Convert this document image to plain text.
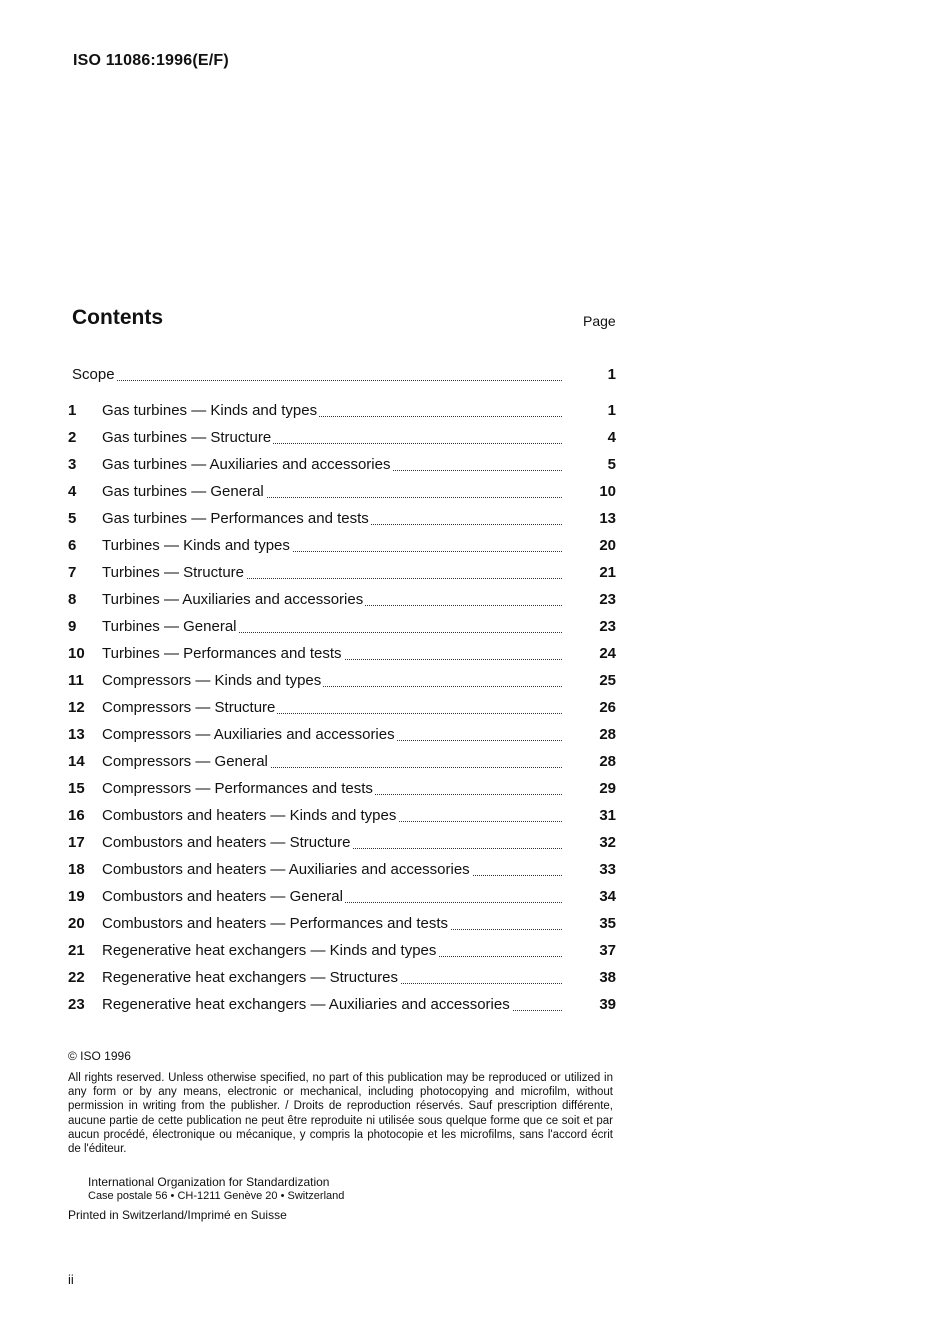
ISO 11086:1996(E/F)
Contents	Page
Scope	1
1	Gas turbines — Kinds and types	1
2	Gas turbines — Structure	4
3	Gas turbines — Auxiliaries and accessories	5
4	Gas turbines — General	10
5	Gas turbines — Performances and tests	13
6	Turbines — Kinds and types	20
7	Turbines — Structure	21
8	Turbines — Auxiliaries and accessories	23
9	Turbines — General	23
10	Turbines — Performances and tests	24
11	Compressors — Kinds and types	25
12	Compressors — Structure	26
13	Compressors — Auxiliaries and accessories	28
14	Compressors — General	28
15	Compressors — Performances and tests	29
16	Combustors and heaters — Kinds and types	31
17	Combustors and heaters — Structure	32
18	Combustors and heaters — Auxiliaries and accessories	33
19	Combustors and heaters — General	34
20	Combustors and heaters — Performances and tests	35
21	Regenerative heat exchangers — Kinds and types	37
22	Regenerative heat exchangers — Structures	38
23	Regenerative heat exchangers — Auxiliaries and accessories	39
© ISO 1996
All rights reserved. Unless otherwise specified, no part of this publication may be reproduced or utilized in any form or by any means, electronic or mechanical, including photocopying and microfilm, without permission in writing from the publisher. / Droits de reproduction réservés. Sauf prescription différente, aucune partie de cette publication ne peut être reproduite ni utilisée sous quelque forme que ce soit et par aucun procédé, électronique ou mécanique, y compris la photocopie et les microfilms, sans l'accord écrit de l'éditeur.
International Organization for Standardization
Case postale 56 • CH-1211 Genève 20 • Switzerland
Printed in Switzerland/Imprimé en Suisse
ii
